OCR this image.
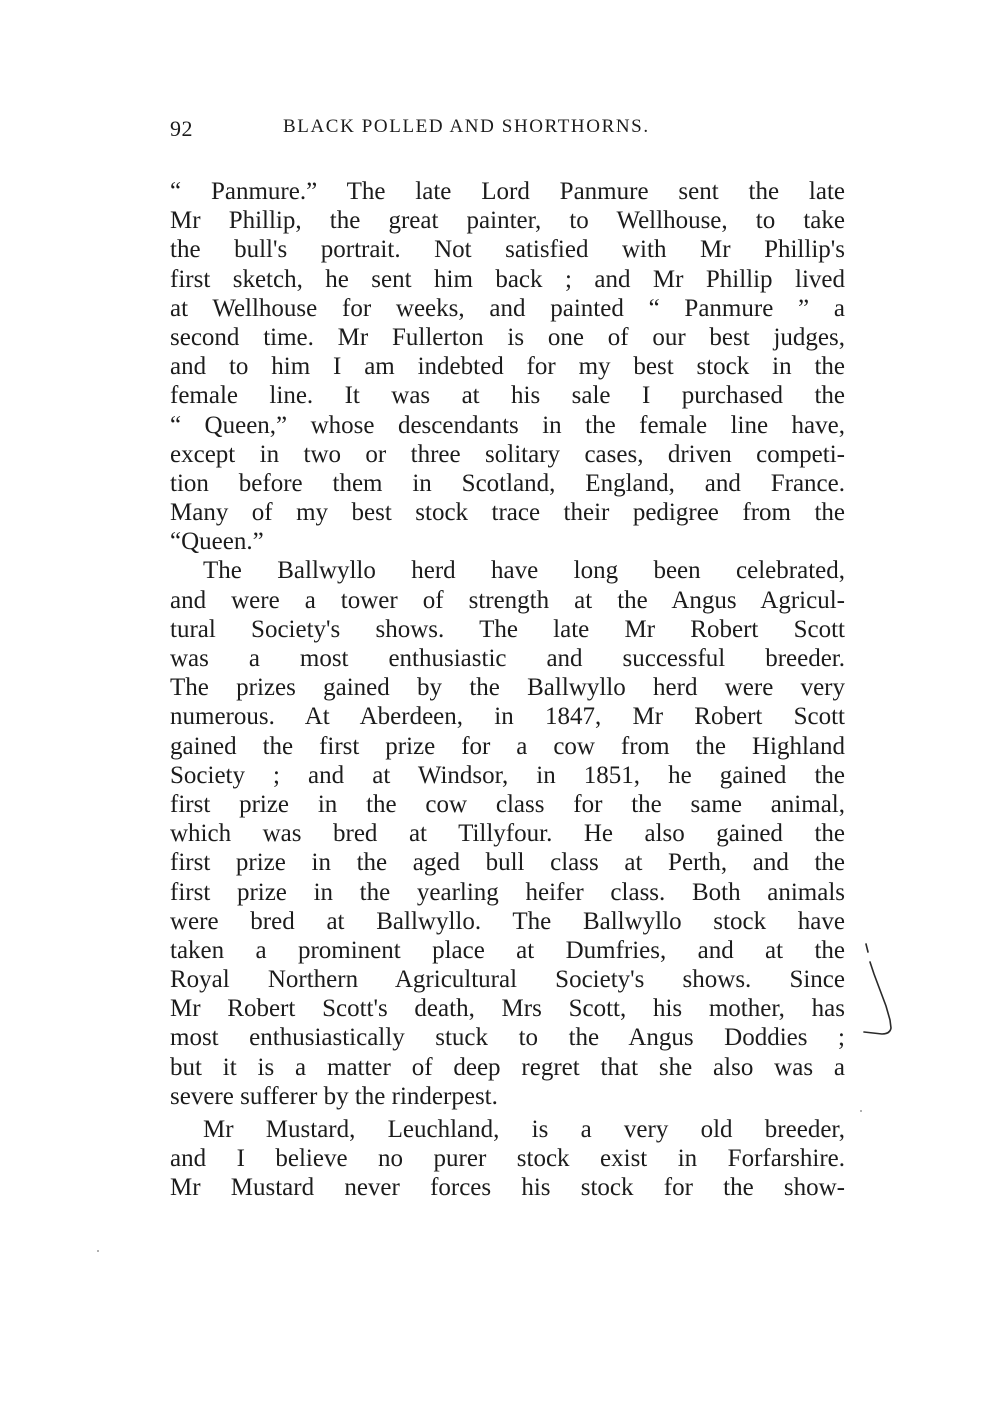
92	BLACK POLLED AND SHORTHORNS.
“ Panmure.” The late Lord Panmure sent the late
Mr Phillip, the great painter, to Wellhouse, to take
the bull's portrait. Not satisfied with Mr Phillip's
first sketch, he sent him back ; and Mr Phillip lived
at Wellhouse for weeks, and painted “ Panmure ” a
second time. Mr Fullerton is one of our best judges,
and to him I am indebted for my best stock in the
female line. It was at his sale I purchased the
“ Queen,” whose descendants in the female line have,
except in two or three solitary cases, driven competi-
tion before them in Scotland, England, and France.
Many of my best stock trace their pedigree from the
“Queen.”
The Ballwyllo herd have long been celebrated,
and were a tower of strength at the Angus Agricul-
tural Society's shows. The late Mr Robert Scott
was a most enthusiastic and successful breeder.
The prizes gained by the Ballwyllo herd were very
numerous. At Aberdeen, in 1847, Mr Robert Scott
gained the first prize for a cow from the Highland
Society ; and at Windsor, in 1851, he gained the
first prize in the cow class for the same animal,
which was bred at Tillyfour. He also gained the
first prize in the aged bull class at Perth, and the
first prize in the yearling heifer class. Both animals
were bred at Ballwyllo. The Ballwyllo stock have
taken a prominent place at Dumfries, and at the
Royal Northern Agricultural Society's shows. Since
Mr Robert Scott's death, Mrs Scott, his mother, has
most enthusiastically stuck to the Angus Doddies ;
but it is a matter of deep regret that she also was a
severe sufferer by the rinderpest.
Mr Mustard, Leuchland, is a very old breeder,
and I believe no purer stock exist in Forfarshire.
Mr Mustard never forces his stock for the show-
